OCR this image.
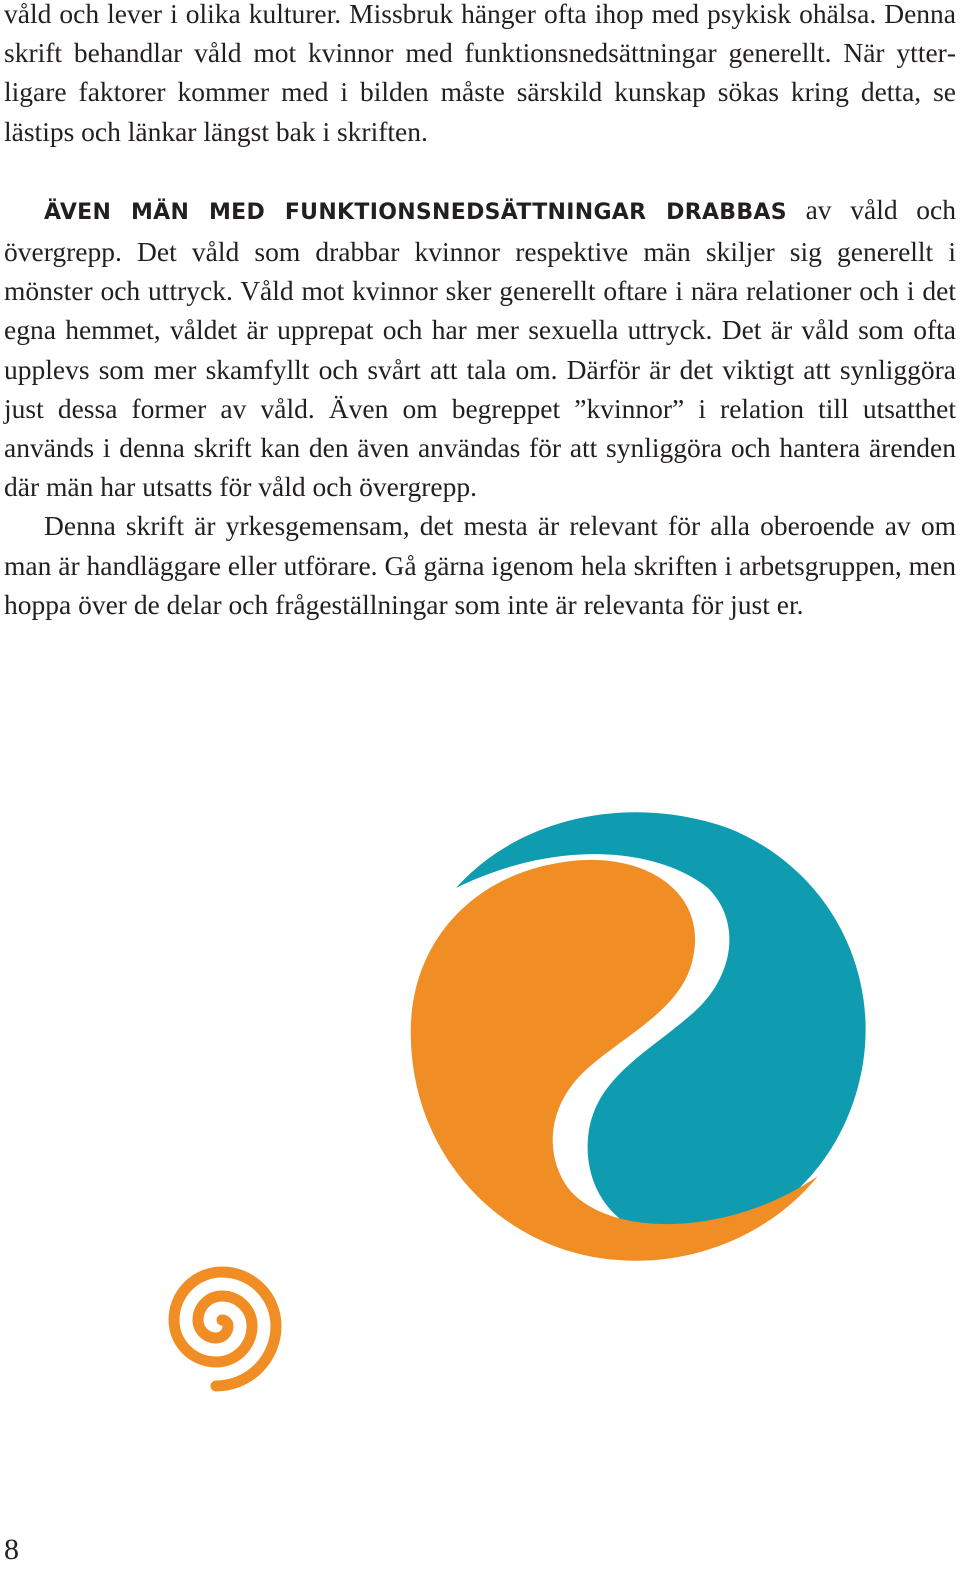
våld och lever i olika kulturer. Missbruk hänger ofta ihop med psykisk ohälsa. Denna skrift behandlar våld mot kvinnor med funktionsnedsättningar generellt. När ytterligare faktorer kommer med i bilden måste särskild kunskap sökas kring detta, se lästips och länkar längst bak i skriften.

ÄVEN MÄN MED FUNKTIONSNEDSÄTTNINGAR DRABBAS av våld och övergrepp. Det våld som drabbar kvinnor respektive män skiljer sig generellt i mönster och uttryck. Våld mot kvinnor sker generellt oftare i nära relationer och i det egna hemmet, våldet är upprepat och har mer sexuella uttryck. Det är våld som ofta upplevs som mer skamfyllt och svårt att tala om. Därför är det viktigt att synliggöra just dessa former av våld. Även om begreppet ”kvinnor” i relation till utsatthet används i denna skrift kan den även användas för att synliggöra och hantera ärenden där män har utsatts för våld och övergrepp.

Denna skrift är yrkesgemensam, det mesta är relevant för alla oberoende av om man är handläggare eller utförare. Gå gärna igenom hela skriften i arbetsgruppen, men hoppa över de delar och frågeställningar som inte är relevanta för just er.

8
